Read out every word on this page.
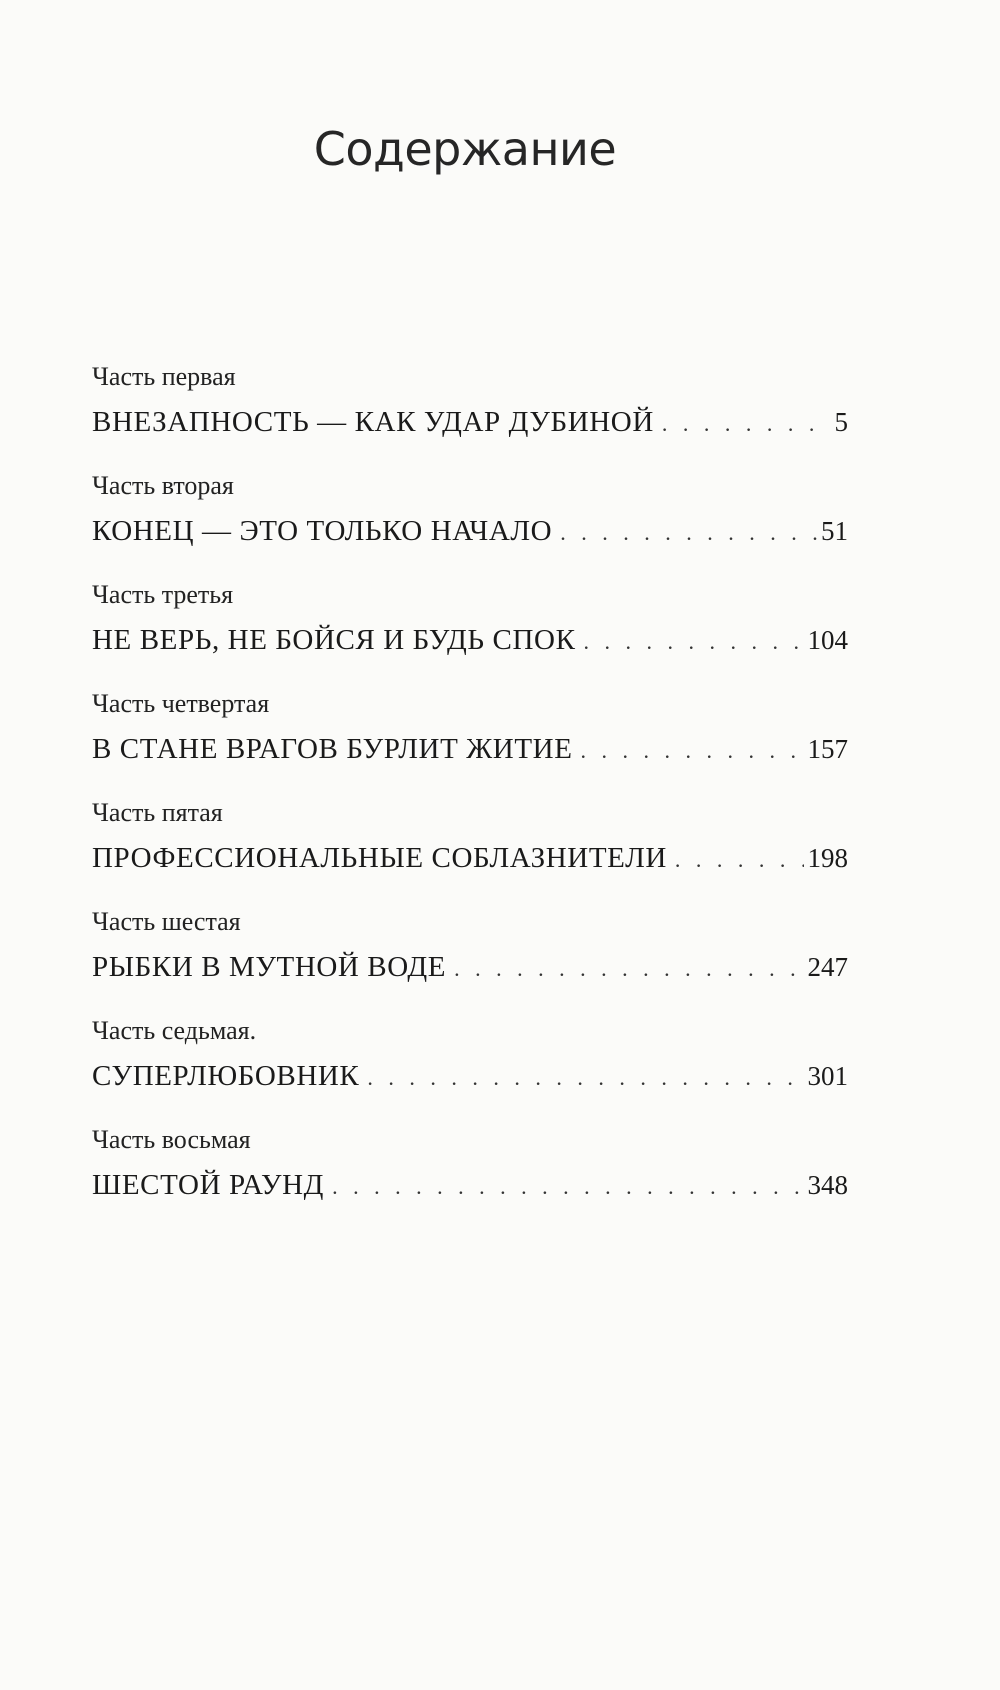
Содержание
Часть первая
ВНЕЗАПНОСТЬ — КАК УДАР ДУБИНОЙ . . .	5
Часть вторая
КОНЕЦ — ЭТО ТОЛЬКО НАЧАЛО . . .	51
Часть третья
НЕ ВЕРЬ, НЕ БОЙСЯ И БУДЬ СПОК . . .	104
Часть четвертая
В СТАНЕ ВРАГОВ БУРЛИТ ЖИТИЕ . . .	157
Часть пятая
ПРОФЕССИОНАЛЬНЫЕ СОБЛАЗНИТЕЛИ . . .	198
Часть шестая
РЫБКИ В МУТНОЙ ВОДЕ . . .	247
Часть седьмая.
СУПЕРЛЮБОВНИК . . .	301
Часть восьмая
ШЕСТОЙ РАУНД . . .	348
